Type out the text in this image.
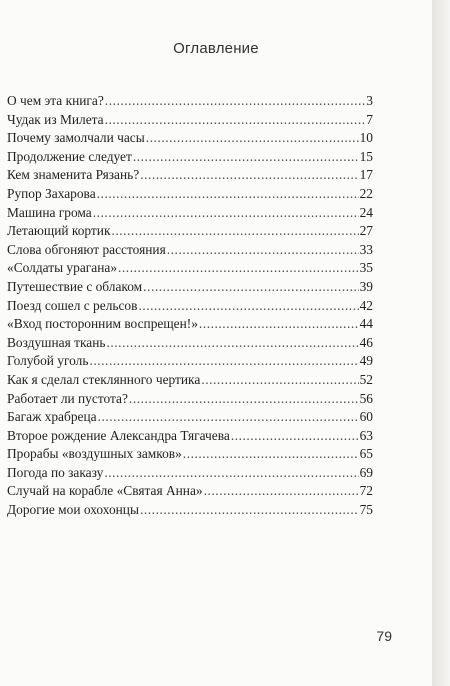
Оглавление
О чем эта книга? . . .	3
Чудак из Милета . . .	7
Почему замолчали часы . . .	10
Продолжение следует . . .	15
Кем знаменита Рязань? . . .	17
Рупор Захарова . . .	22
Машина грома . . .	24
Летающий кортик . . .	27
Слова обгоняют расстояния . . .	33
«Солдаты урагана» . . .	35
Путешествие с облаком . . .	39
Поезд сошел с рельсов . . .	42
«Вход посторонним воспрещен!» . . .	44
Воздушная ткань . . .	46
Голубой уголь . . .	49
Как я сделал стеклянного чертика . . .	52
Работает ли пустота? . . .	56
Багаж храбреца . . .	60
Второе рождение Александра Тягачева . . .	63
Прорабы «воздушных замков» . . .	65
Погода по заказу . . .	69
Случай на корабле «Святая Анна» . . .	72
Дорогие мои охохонцы . . .	75
79
